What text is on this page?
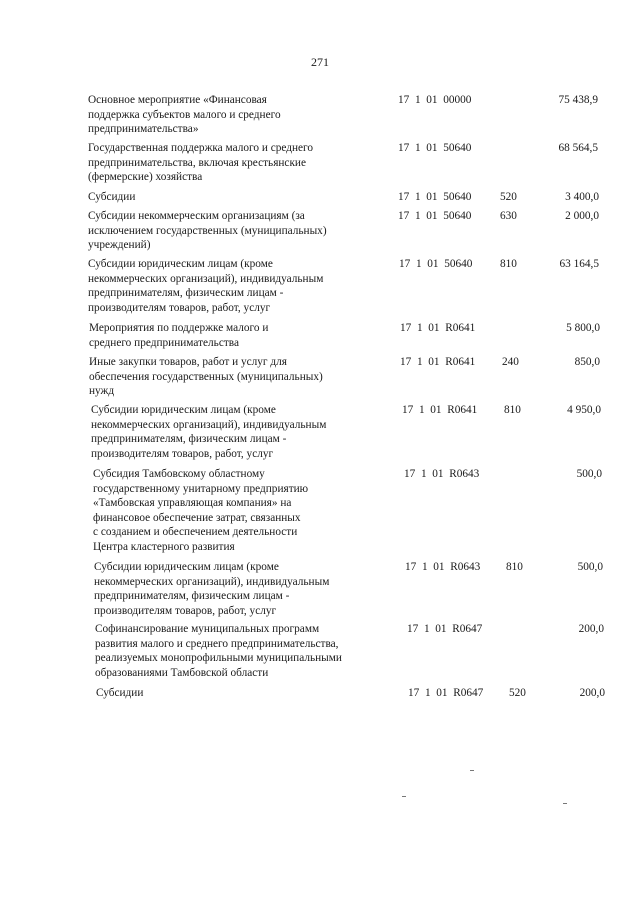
271
Основное мероприятие «Финансовая
поддержка субъектов малого и среднего
предпринимательства»
17  1  01  00000	75 438,9
Государственная поддержка малого и среднего
предпринимательства, включая крестьянские
(фермерские) хозяйства
17  1  01  50640	68 564,5
Субсидии	17  1  01  50640	520	3 400,0
Субсидии некоммерческим организациям (за
исключением государственных (муниципальных)
учреждений)
17  1  01  50640	630	2 000,0
Субсидии юридическим лицам (кроме
некоммерческих организаций), индивидуальным
предпринимателям, физическим лицам -
производителям товаров, работ, услуг
17  1  01  50640 810	63 164,5
Мероприятия по поддержке малого и
среднего предпринимательства
17  1  01  R0641	5 800,0
Иные закупки товаров, работ и услуг для
обеспечения государственных (муниципальных)
нужд
17  1  01  R0641 240	850,0
Субсидии юридическим лицам (кроме
некоммерческих организаций), индивидуальным
предпринимателям, физическим лицам -
производителям товаров, работ, услуг
17  1  01  R0641 810	4 950,0
Субсидия Тамбовскому областному
государственному унитарному предприятию
«Тамбовская управляющая компания» на
финансовое обеспечение затрат, связанных
с созданием и обеспечением деятельности
Центра кластерного развития
17  1  01  R0643	500,0
Субсидии юридическим лицам (кроме
некоммерческих организаций), индивидуальным
предпринимателям, физическим лицам -
производителям товаров, работ, услуг
17  1  01  R0643 810	500,0
Софинансирование муниципальных программ
развития малого и среднего предпринимательства,
реализуемых монопрофильными муниципальными
образованиями Тамбовской области
17  1  01  R0647	200,0
Субсидии	17  1  01  R0647 520	200,0
